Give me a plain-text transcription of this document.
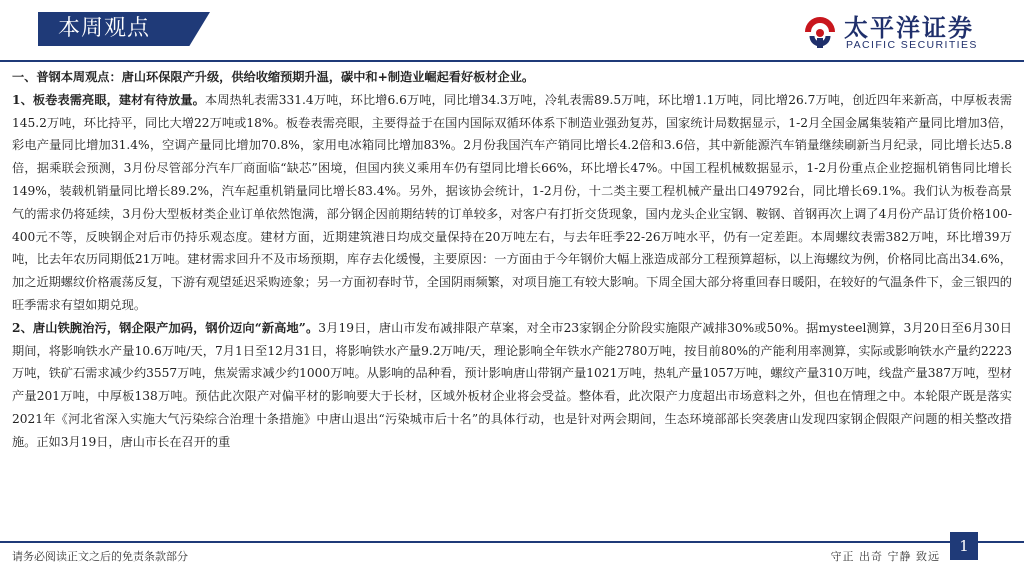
本周观点	太平洋证券
PACIFIC SECURITIES

一、普钢本周观点：唐山环保限产升级，供给收缩预期升温，碳中和+制造业崛起看好板材企业。

1、板卷表需亮眼，建材有待放量。本周热轧表需331.4万吨，环比增6.6万吨，同比增34.3万吨，冷轧表需89.5万吨，环比增1.1万吨，同比增26.7万吨，创近四年来新高，中厚板表需145.2万吨，环比持平，同比大增22万吨或18%。板卷表需亮眼，主要得益于在国内国际双循环体系下制造业强劲复苏，国家统计局数据显示，1-2月全国金属集装箱产量同比增加3倍，彩电产量同比增加31.4%，空调产量同比增加70.8%，家用电冰箱同比增加83%。2月份我国汽车产销同比增长4.2倍和3.6倍，其中新能源汽车销量继续刷新当月纪录，同比增长达5.8倍，据乘联会预测，3月份尽管部分汽车厂商面临“缺芯”困境，但国内狭义乘用车仍有望同比增长66%，环比增长47%。中国工程机械数据显示，1-2月份重点企业挖掘机销售同比增长149%，装载机销量同比增长89.2%，汽车起重机销量同比增长83.4%。另外，据该协会统计，1-2月份，十二类主要工程机械产量出口49792台，同比增长69.1%。我们认为板卷高景气的需求仍将延续，3月份大型板材类企业订单依然饱满，部分钢企因前期结转的订单较多，对客户有打折交货现象，国内龙头企业宝钢、鞍钢、首钢再次上调了4月份产品订货价格100-400元不等，反映钢企对后市仍持乐观态度。建材方面，近期建筑港日均成交量保持在20万吨左右，与去年旺季22-26万吨水平，仍有一定差距。本周螺纹表需382万吨，环比增39万吨，比去年农历同期低21万吨。建材需求回升不及市场预期，库存去化缓慢，主要原因：一方面由于今年钢价大幅上涨造成部分工程预算超标，以上海螺纹为例，价格同比高出34.6%，加之近期螺纹价格震荡反复，下游有观望延迟采购迹象；另一方面初春时节，全国阴雨频繁，对项目施工有较大影响。下周全国大部分将重回春日暖阳，在较好的气温条件下，金三银四的旺季需求有望如期兑现。

2、唐山铁腕治污，钢企限产加码，钢价迈向“新高地”。3月19日，唐山市发布减排限产草案，对全市23家钢企分阶段实施限产减排30%或50%。据mysteel测算，3月20日至6月30日期间，将影响铁水产量10.6万吨/天，7月1日至12月31日，将影响铁水产量9.2万吨/天，理论影响全年铁水产能2780万吨，按目前80%的产能利用率测算，实际或影响铁水产量约2223万吨，铁矿石需求减少约3557万吨，焦炭需求减少约1000万吨。从影响的品种看，预计影响唐山带钢产量1021万吨，热轧产量1057万吨，螺纹产量310万吨，线盘产量387万吨，型材产量201万吨，中厚板138万吨。预估此次限产对偏平材的影响要大于长材，区域外板材企业将会受益。整体看，此次限产力度超出市场意料之外，但也在情理之中。本轮限产既是落实2021年《河北省深入实施大气污染综合治理十条措施》中唐山退出“污染城市后十名”的具体行动，也是针对两会期间，生态环境部部长突袭唐山发现四家钢企假限产问题的相关整改措施。正如3月19日，唐山市长在召开的重

请务必阅读正文之后的免责条款部分	守正 出奇 宁静 致远
1
